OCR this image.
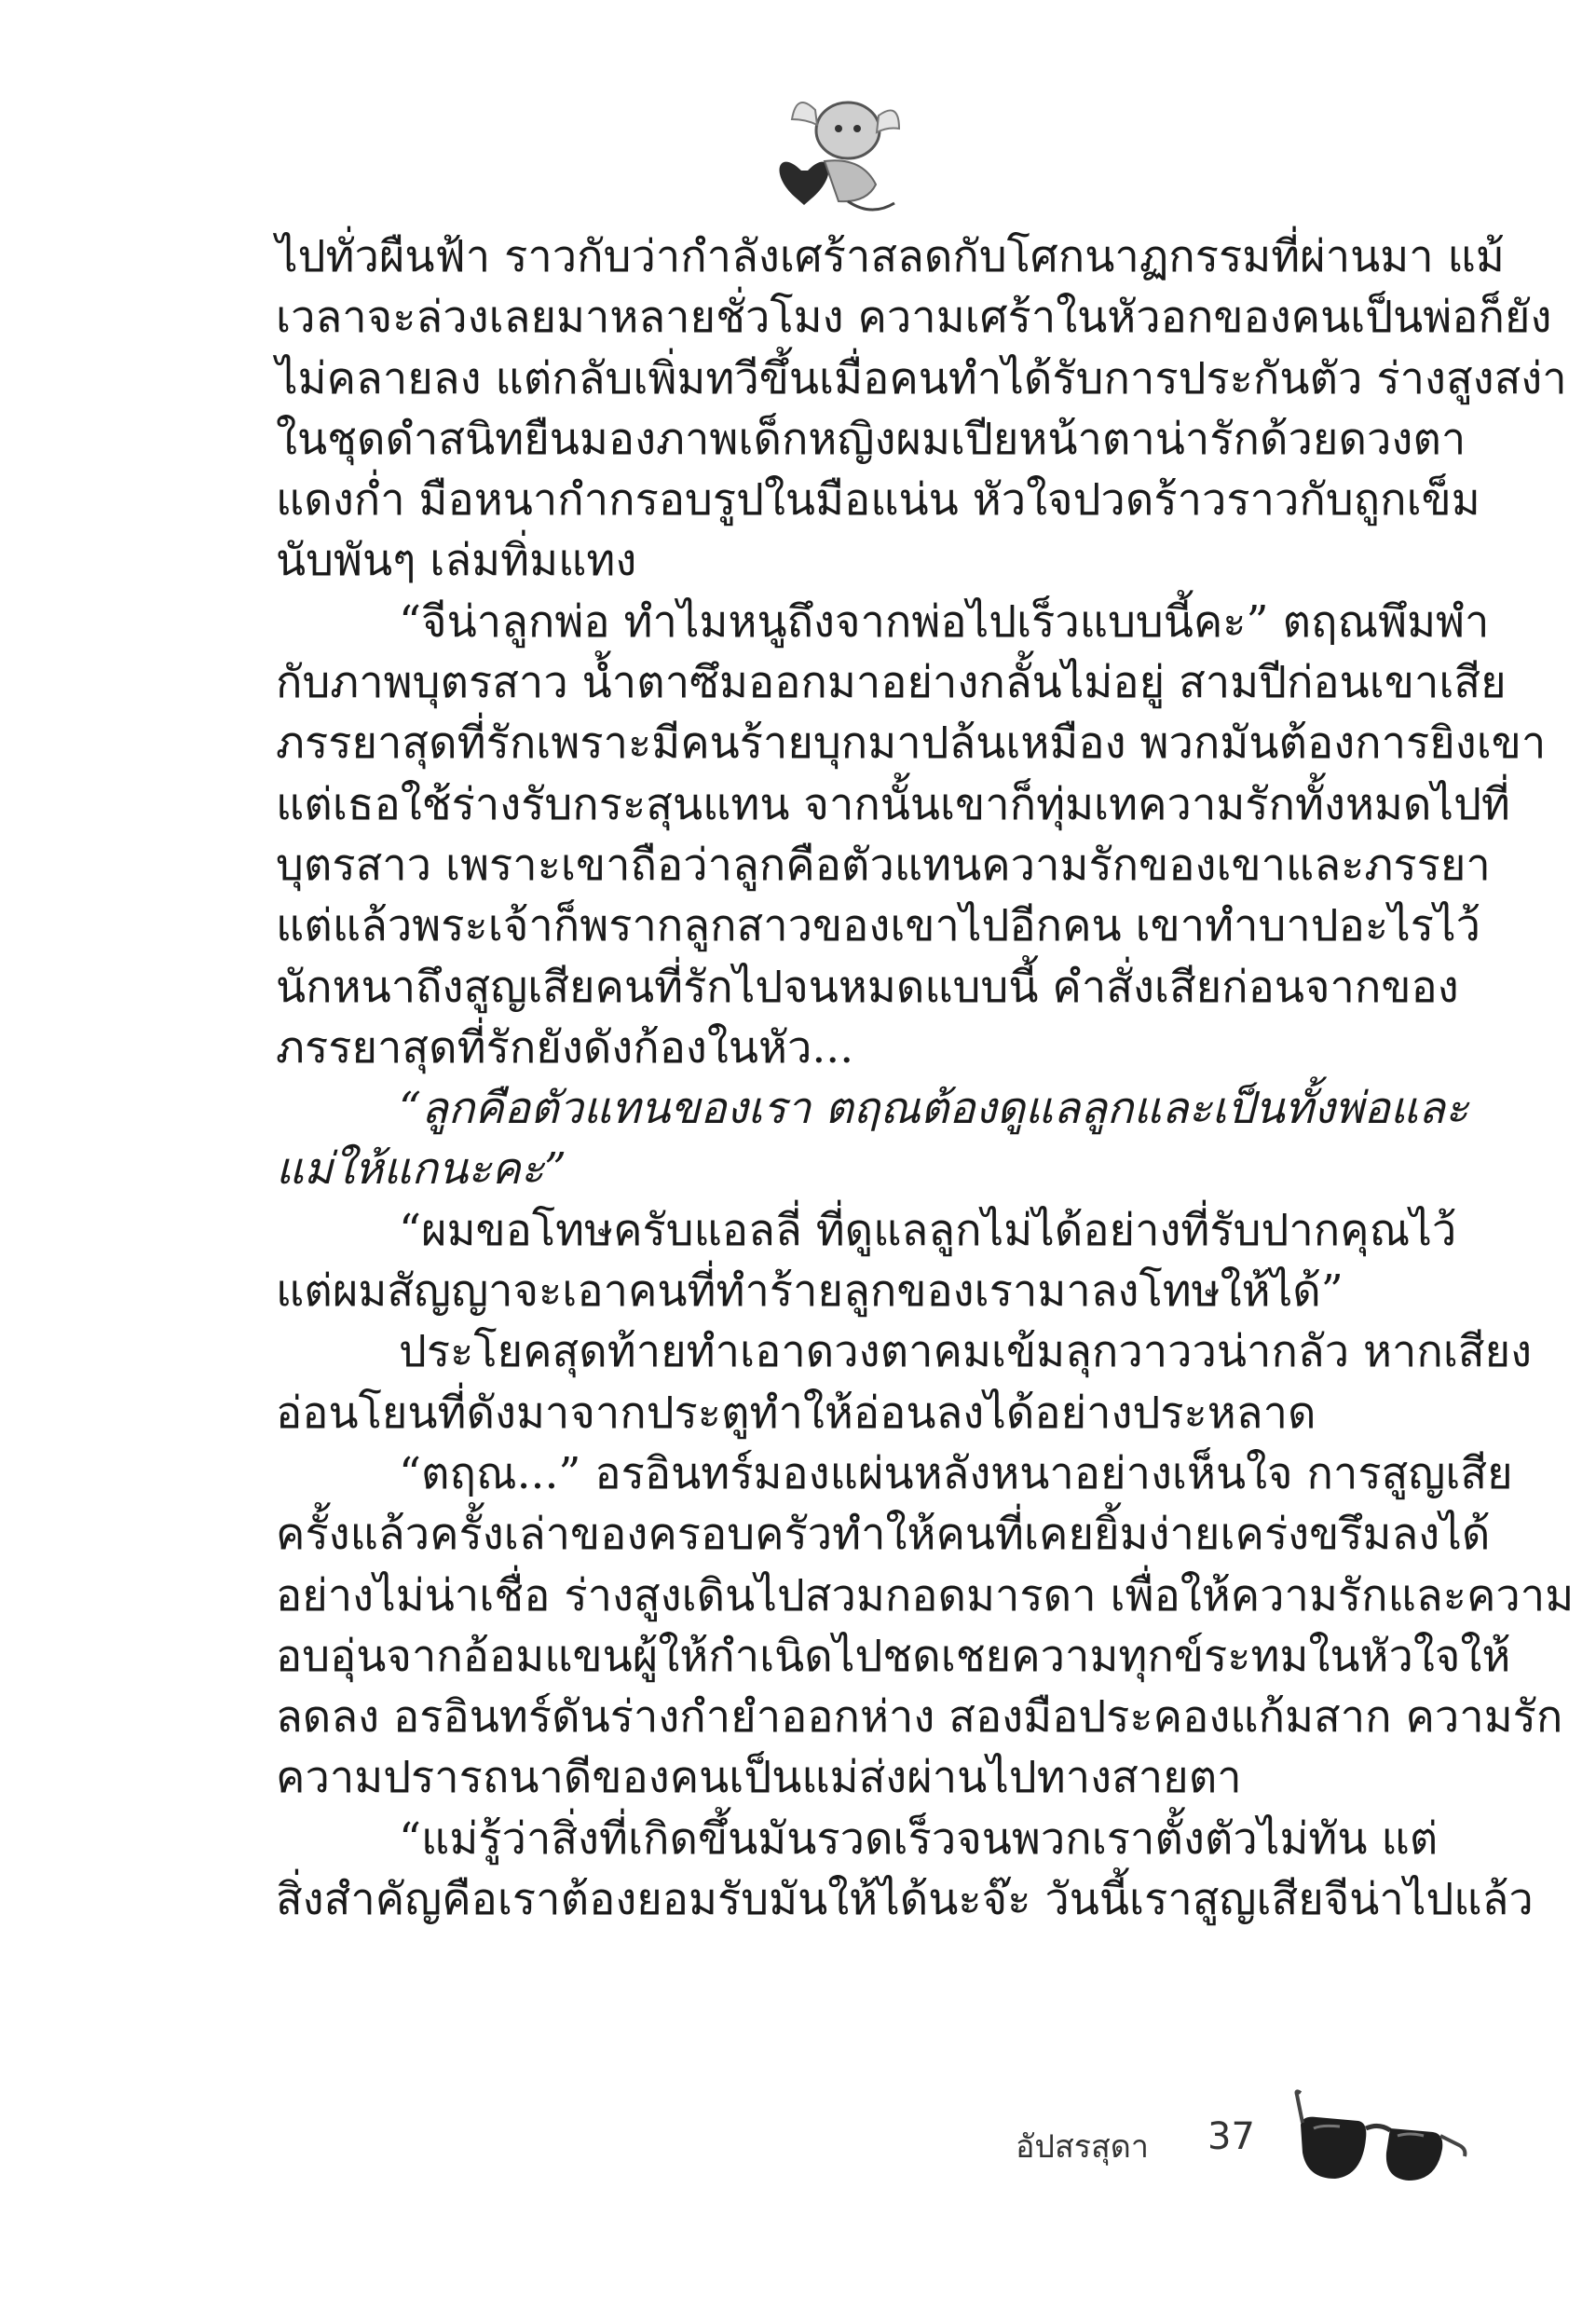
ไปทั่วผืนฟ้า ราวกับว่ากำลังเศร้าสลดกับโศกนาฏกรรมที่ผ่านมา แม้
เวลาจะล่วงเลยมาหลายชั่วโมง ความเศร้าในหัวอกของคนเป็นพ่อก็ยัง
ไม่คลายลง แต่กลับเพิ่มทวีขึ้นเมื่อคนทำได้รับการประกันตัว ร่างสูงสง่า
ในชุดดำสนิทยืนมองภาพเด็กหญิงผมเปียหน้าตาน่ารักด้วยดวงตา
แดงก่ำ มือหนากำกรอบรูปในมือแน่น หัวใจปวดร้าวราวกับถูกเข็ม
นับพันๆ เล่มทิ่มแทง
“จีน่าลูกพ่อ ทำไมหนูถึงจากพ่อไปเร็วแบบนี้คะ” ตฤณพึมพำ
กับภาพบุตรสาว น้ำตาซึมออกมาอย่างกลั้นไม่อยู่ สามปีก่อนเขาเสีย
ภรรยาสุดที่รักเพราะมีคนร้ายบุกมาปล้นเหมือง พวกมันต้องการยิงเขา
แต่เธอใช้ร่างรับกระสุนแทน จากนั้นเขาก็ทุ่มเทความรักทั้งหมดไปที่
บุตรสาว เพราะเขาถือว่าลูกคือตัวแทนความรักของเขาและภรรยา
แต่แล้วพระเจ้าก็พรากลูกสาวของเขาไปอีกคน เขาทำบาปอะไรไว้
นักหนาถึงสูญเสียคนที่รักไปจนหมดแบบนี้ คำสั่งเสียก่อนจากของ
ภรรยาสุดที่รักยังดังก้องในหัว...
“ลูกคือตัวแทนของเรา ตฤณต้องดูแลลูกและเป็นทั้งพ่อและ
แม่ให้แกนะคะ”
“ผมขอโทษครับแอลลี่ ที่ดูแลลูกไม่ได้อย่างที่รับปากคุณไว้
แต่ผมสัญญาจะเอาคนที่ทำร้ายลูกของเรามาลงโทษให้ได้”
ประโยคสุดท้ายทำเอาดวงตาคมเข้มลุกวาววน่ากลัว หากเสียง
อ่อนโยนที่ดังมาจากประตูทำให้อ่อนลงได้อย่างประหลาด
“ตฤณ...” อรอินทร์มองแผ่นหลังหนาอย่างเห็นใจ การสูญเสีย
ครั้งแล้วครั้งเล่าของครอบครัวทำให้คนที่เคยยิ้มง่ายเคร่งขรึมลงได้
อย่างไม่น่าเชื่อ ร่างสูงเดินไปสวมกอดมารดา เพื่อให้ความรักและความ
อบอุ่นจากอ้อมแขนผู้ให้กำเนิดไปชดเชยความทุกข์ระทมในหัวใจให้
ลดลง อรอินทร์ดันร่างกำยำออกห่าง สองมือประคองแก้มสาก ความรัก
ความปรารถนาดีของคนเป็นแม่ส่งผ่านไปทางสายตา
“แม่รู้ว่าสิ่งที่เกิดขึ้นมันรวดเร็วจนพวกเราตั้งตัวไม่ทัน แต่
สิ่งสำคัญคือเราต้องยอมรับมันให้ได้นะจ๊ะ วันนี้เราสูญเสียจีน่าไปแล้ว
อัปสรสุดา 37
